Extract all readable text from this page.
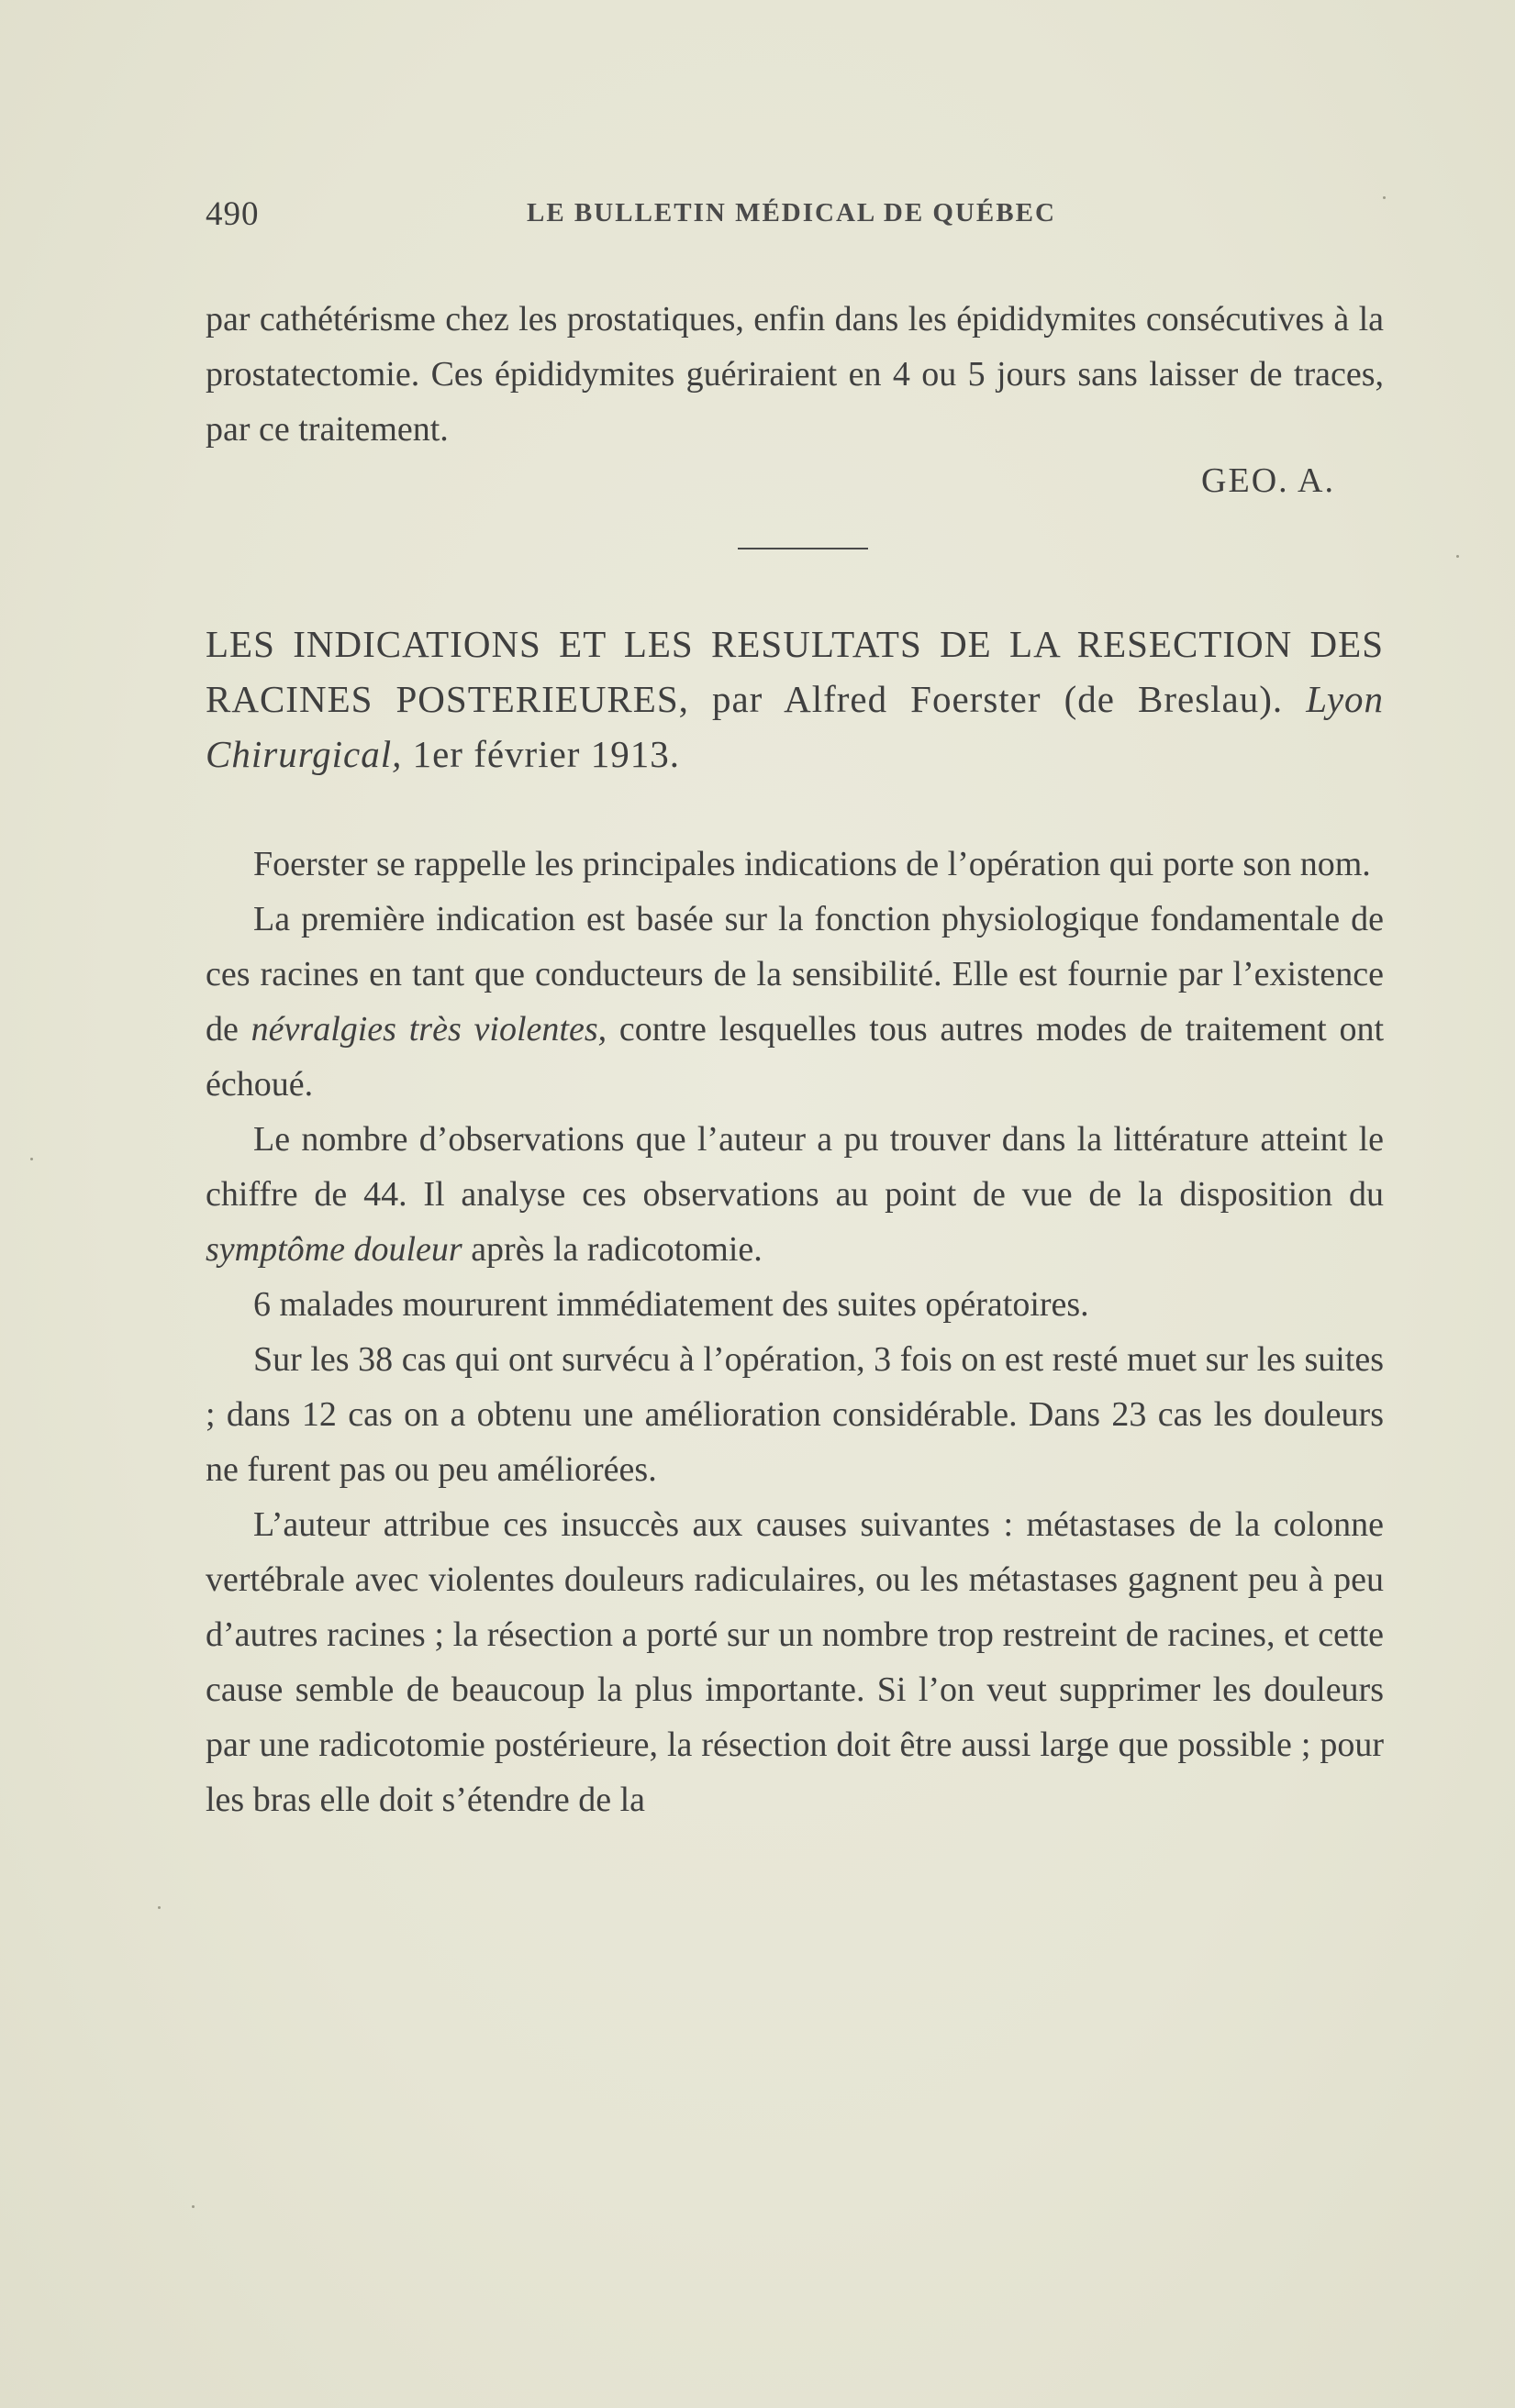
490	LE BULLETIN MÉDICAL DE QUÉBEC

par cathétérisme chez les prostatiques, enfin dans les épididymites consécutives à la prostatectomie. Ces épididymites guériraient en 4 ou 5 jours sans laisser de traces, par ce traitement.

GEO. A.
LES INDICATIONS ET LES RESULTATS DE LA RESECTION DES RACINES POSTERIEURES, par Alfred Foerster (de Breslau). Lyon Chirurgical, 1er février 1913.

Foerster se rappelle les principales indications de l’opération qui porte son nom.

La première indication est basée sur la fonction physiologique fondamentale de ces racines en tant que conducteurs de la sensibilité. Elle est fournie par l’existence de névralgies très violentes, contre lesquelles tous autres modes de traitement ont échoué.

Le nombre d’observations que l’auteur a pu trouver dans la littérature atteint le chiffre de 44. Il analyse ces observations au point de vue de la disposition du symptôme douleur après la radicotomie.

6 malades moururent immédiatement des suites opératoires.

Sur les 38 cas qui ont survécu à l’opération, 3 fois on est resté muet sur les suites ; dans 12 cas on a obtenu une amélioration considérable. Dans 23 cas les douleurs ne furent pas ou peu améliorées.

L’auteur attribue ces insuccès aux causes suivantes : métastases de la colonne vertébrale avec violentes douleurs radiculaires, ou les métastases gagnent peu à peu d’autres racines ; la résection a porté sur un nombre trop restreint de racines, et cette cause semble de beaucoup la plus importante. Si l’on veut supprimer les douleurs par une radicotomie postérieure, la résection doit être aussi large que possible ; pour les bras elle doit s’étendre de la
